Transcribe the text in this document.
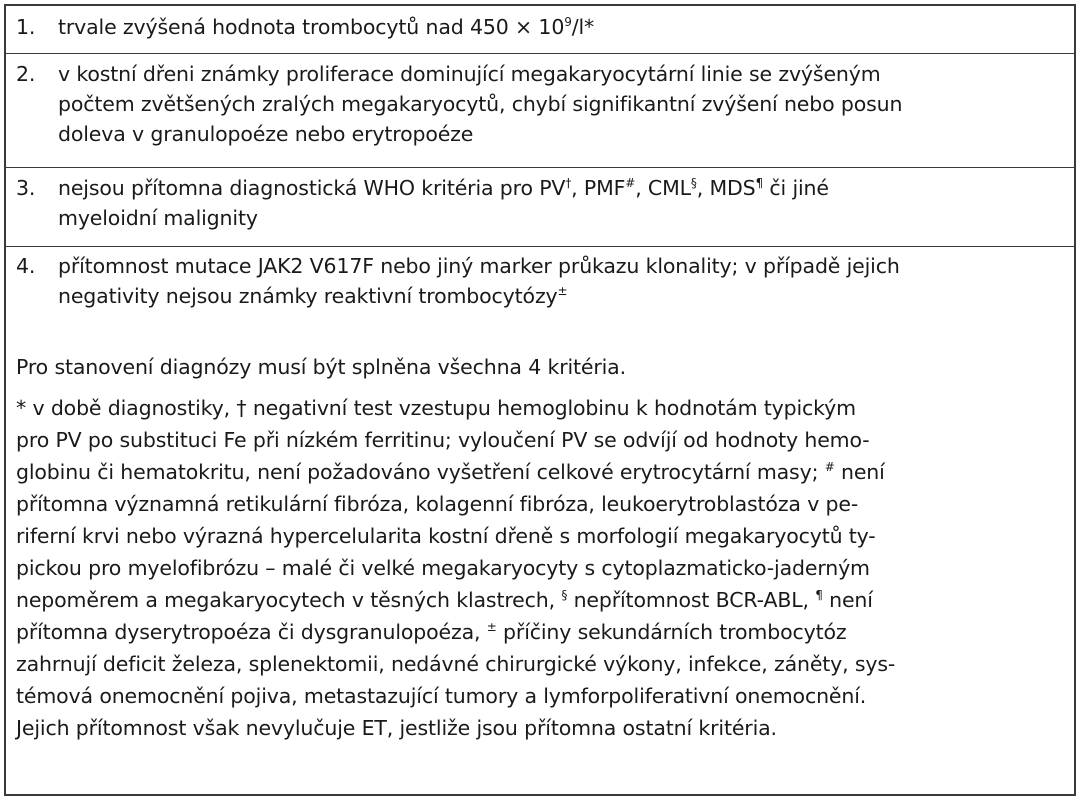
1. trvale zvýšená hodnota trombocytů nad $450 \times 10^9/l*$
2. v kostní dřeni známky proliferace dominující megakaryocytární linie se zvýšeným
počtem zvětšených zralých megakaryocytů, chybí signifikantní zvýšení nebo posun
doleva v granulopoéze nebo erytropoéze
3. nejsou přítomna diagnostická WHO kritéria pro PV†, PMF#, CML§, MDS¶ či jiné
myeloidní malignity
4. přítomnost mutace JAK2 V617F nebo jiný marker průkazu klonality; v případě jejich
negativity nejsou známky reaktivní trombocytózy±
Pro stanovení diagnózy musí být splněna všechna 4 kritéria.
* v době diagnostiky, † negativní test vzestupu hemoglobinu k hodnotám typickým
pro PV po substituci Fe při nízkém ferritinu; vyloučení PV se odvíjí od hodnoty hemo-
globinu či hematokritu, není požadováno vyšetření celkové erytrocytární masy; # není
přítomna významná retikulární fibróza, kolagenní fibróza, leukoerytroblastóza v pe-
riferní krvi nebo výrazná hypercelularita kostní dřeně s morfologií megakaryocytů ty-
pickou pro myelofibrózu – malé či velké megakaryocyty s cytoplazmaticko-jaderným
nepoměrem a megakaryocytech v těsných klastrech, § nepřítomnost BCR-ABL, ¶ není
přítomna dyserytropoéza či dysgranulopoéza, ± příčiny sekundárních trombocytóz
zahrnují deficit železa, splenektomii, nedávné chirurgické výkony, infekce, záněty, sys-
témová onemocnění pojiva, metastazující tumory a lymforpoliferativní onemocnění.
Jejich přítomnost však nevylučuje ET, jestliže jsou přítomna ostatní kritéria.
